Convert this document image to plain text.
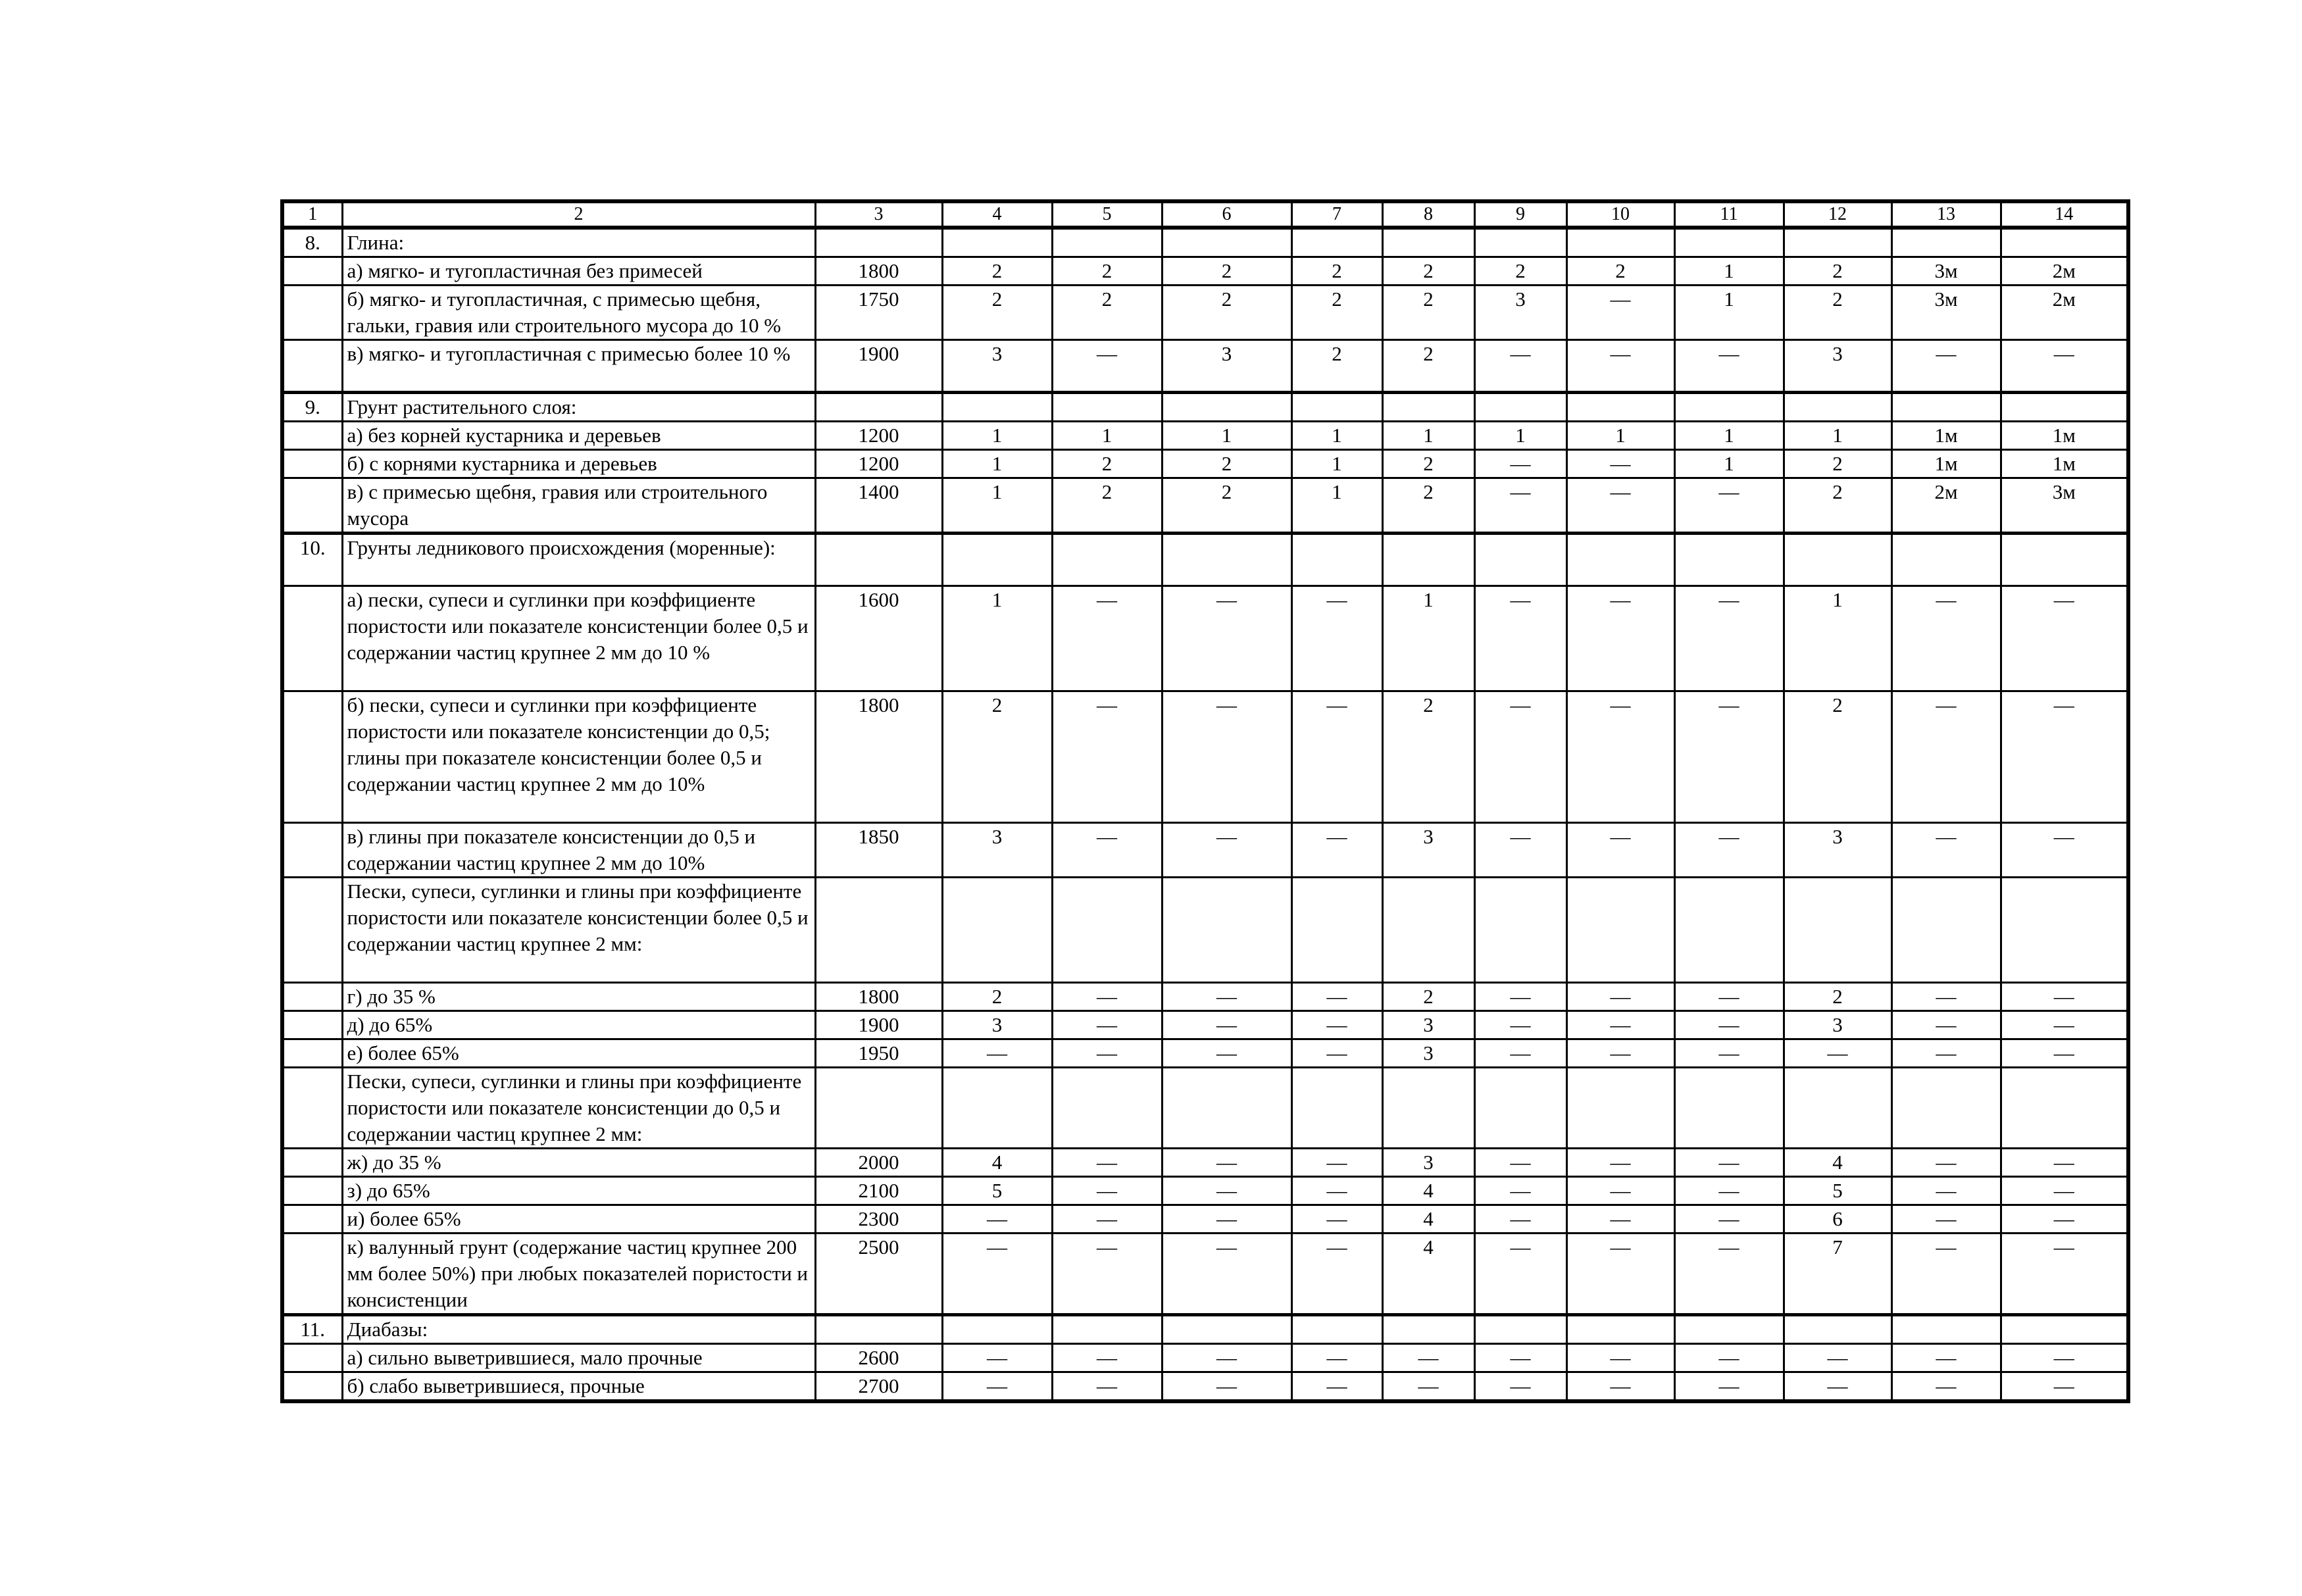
1	2	3	4	5	6	7	8	9	10	11	12	13	14
8.	Глина:												
	а) мягко- и тугопластичная без примесей	1800	2	2	2	2	2	2	2	1	2	3м	2м
	б) мягко- и тугопластичная, с примесью щебня, гальки, гравия или строительного мусора до 10 %	1750	2	2	2	2	2	3	—	1	2	3м	2м
	в) мягко- и тугопластичная с примесью более 10 %	1900	3	—	3	2	2	—	—	—	3	—	—
9.	Грунт растительного слоя:												
	а) без корней кустарника и деревьев	1200	1	1	1	1	1	1	1	1	1	1м	1м
	б) с корнями кустарника и деревьев	1200	1	2	2	1	2	—	—	1	2	1м	1м
	в) с примесью щебня, гравия или строительного мусора	1400	1	2	2	1	2	—	—	—	2	2м	3м
10.	Грунты ледникового происхождения (моренные):												
	а) пески, супеси и суглинки при коэффициенте пористости или показателе консистенции более 0,5 и содержании частиц крупнее 2 мм до 10 %	1600	1	—	—	—	1	—	—	—	1	—	—
	б) пески, супеси и суглинки при коэффициенте пористости или показателе консистенции до 0,5; глины при показателе консистенции более 0,5 и содержании частиц крупнее 2 мм до 10%	1800	2	—	—	—	2	—	—	—	2	—	—
	в) глины при показателе консистенции до 0,5 и содержании частиц крупнее 2 мм до 10%	1850	3	—	—	—	3	—	—	—	3	—	—
	Пески, супеси, суглинки и глины при коэффициенте пористости или показателе консистенции более 0,5 и содержании частиц крупнее 2 мм:												
	г) до 35 %	1800	2	—	—	—	2	—	—	—	2	—	—
	д) до 65%	1900	3	—	—	—	3	—	—	—	3	—	—
	е) более 65%	1950	—	—	—	—	3	—	—	—	—	—	—
	Пески, супеси, суглинки и глины при коэффициенте пористости или показателе консистенции до 0,5 и содержании частиц крупнее 2 мм:												
	ж) до 35 %	2000	4	—	—	—	3	—	—	—	4	—	—
	з) до 65%	2100	5	—	—	—	4	—	—	—	5	—	—
	и) более 65%	2300	—	—	—	—	4	—	—	—	6	—	—
	к) валунный грунт (содержание частиц крупнее 200 мм более 50%) при любых показателей пористости и консистенции	2500	—	—	—	—	4	—	—	—	7	—	—
11.	Диабазы:												
	а) сильно выветрившиеся, мало прочные	2600	—	—	—	—	—	—	—	—	—	—	—
	б) слабо выветрившиеся, прочные	2700	—	—	—	—	—	—	—	—	—	—	—
